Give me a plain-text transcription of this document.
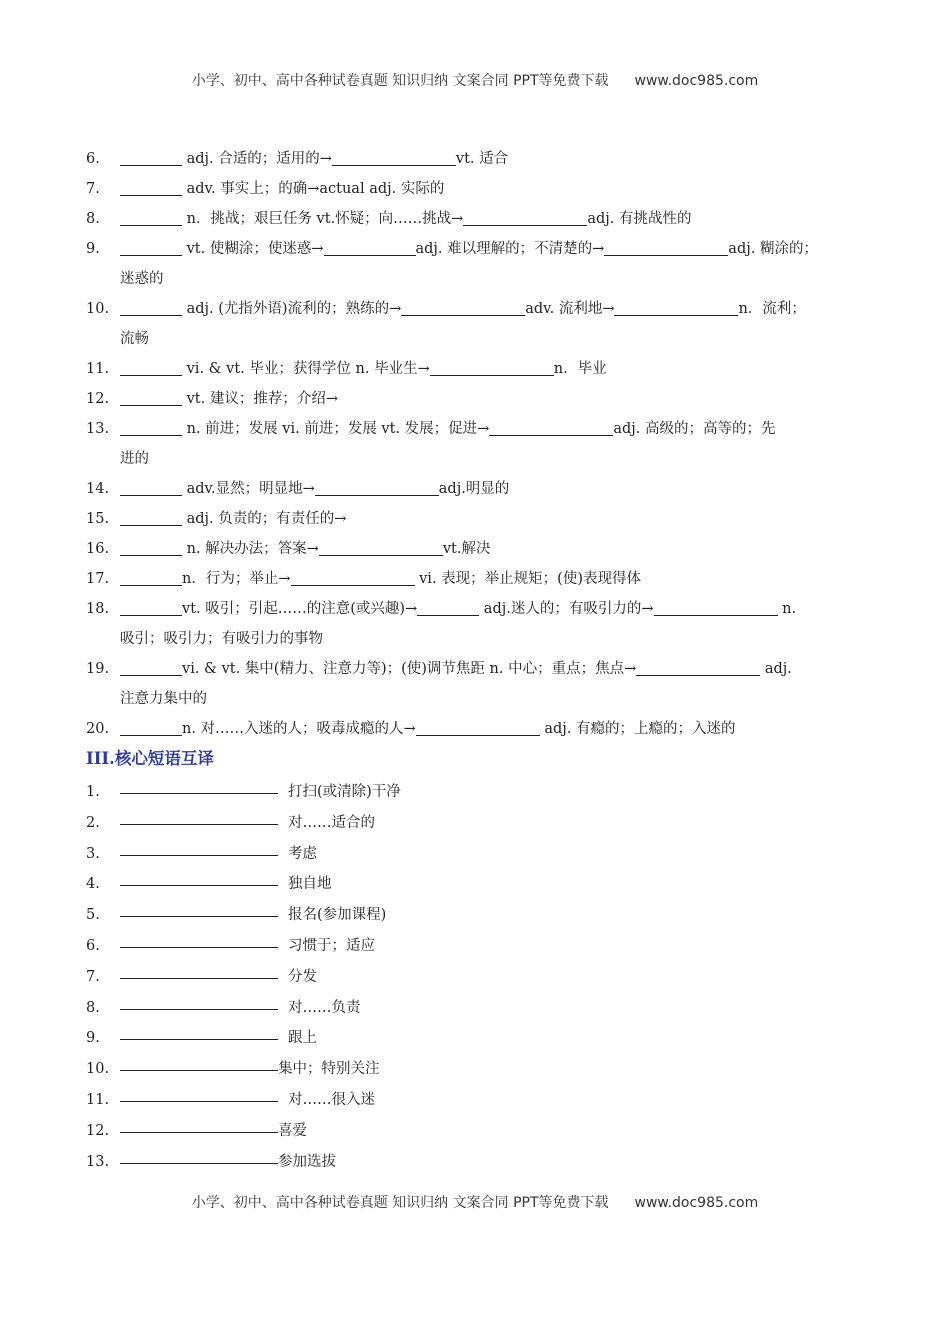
小学、初中、高中各种试卷真题 知识归纳 文案合同 PPT等免费下载 www.doc985.com
6.	adj. 合适的；适用的→	vt. 适合
7.	adv. 事实上；的确→actual adj. 实际的
8.	n．挑战；艰巨任务 vt.怀疑；向……挑战→	adj. 有挑战性的
9.	vt. 使糊涂；使迷惑→	adj. 难以理解的；不清楚的→	adj. 糊涂的；
迷惑的
10.	adj. (尤指外语)流利的；熟练的→	adv. 流利地→	n．流利；
流畅
11.	vi. & vt. 毕业；获得学位 n. 毕业生→	n．毕业
12.	vt. 建议；推荐；介绍→
13.	n. 前进；发展 vi. 前进；发展 vt. 发展；促进→	adj. 高级的；高等的；先
进的
14.	adv.显然；明显地→	adj.明显的
15.	adj. 负责的；有责任的→
16.	n. 解决办法；答案→	vt.解决
17.	n．行为；举止→	vi. 表现；举止规矩；(使)表现得体
18.	vt. 吸引；引起……的注意(或兴趣)→	adj.迷人的；有吸引力的→	n.
吸引；吸引力；有吸引力的事物
19.	vi. & vt. 集中(精力、注意力等)；(使)调节焦距 n. 中心；重点；焦点→	adj.
注意力集中的
20.	n. 对……入迷的人；吸毒成瘾的人→	adj. 有瘾的；上瘾的；入迷的
III.核心短语互译
1.	打扫(或清除)干净
2.	对……适合的
3.	考虑
4.	独自地
5.	报名(参加课程)
6.	习惯于；适应
7.	分发
8.	对……负责
9.	跟上
10.	集中；特别关注
11.	对……很入迷
12.	喜爱
13.	参加选拔
小学、初中、高中各种试卷真题 知识归纳 文案合同 PPT等免费下载 www.doc985.com
